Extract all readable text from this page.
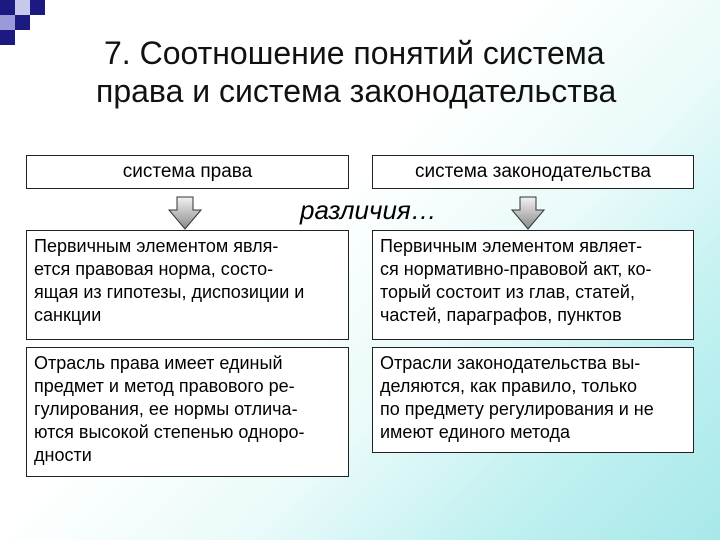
7. Соотношение понятий система
права и система законодательства
система права	система законодательства
различия…
Первичным элементом явля-
ется правовая норма, состо-
ящая из гипотезы, диспозиции и
санкции
Первичным элементом являет-
ся нормативно-правовой акт, ко-
торый состоит из глав, статей,
частей, параграфов, пунктов
Отрасль права имеет единый
предмет и метод правового ре-
гулирования, ее нормы отлича-
ются высокой степенью одноро-
дности
Отрасли законодательства вы-
деляются, как правило, только
по предмету регулирования и не
имеют единого метода
